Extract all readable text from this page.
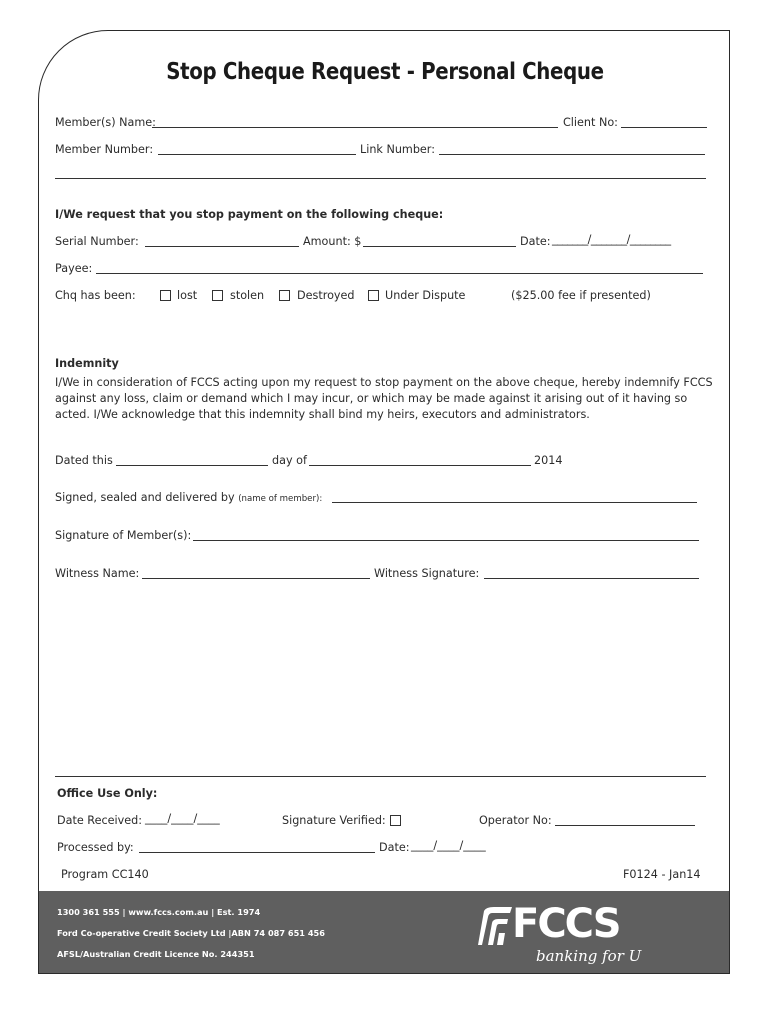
Stop Cheque Request - Personal Cheque
Member(s) Name:	Client No:
Member Number:	Link Number:
I/We request that you stop payment on the following cheque:
Serial Number:	Amount: $	Date: _______/_______/________
Payee:
Chq has been:	lost	stolen	Destroyed	Under Dispute	($25.00 fee if presented)
Indemnity
I/We in consideration of FCCS acting upon my request to stop payment on the above cheque, hereby indemnify FCCS
against any loss, claim or demand which I may incur, or which may be made against it arising out of it having so
acted. I/We acknowledge that this indemnity shall bind my heirs, executors and administrators.
Dated this	day of	2014
Signed, sealed and delivered by (name of member):
Signature of Member(s):
Witness Name:	Witness Signature:
Office Use Only:
Date Received: ____/____/____	Signature Verified:	Operator No:
Processed by:	Date: ____/____/____
Program CC140	F0124 - Jan14
1300 361 555 | www.fccs.com.au | Est. 1974
Ford Co-operative Credit Society Ltd |ABN 74 087 651 456
AFSL/Australian Credit Licence No. 244351
FCCS
banking for U
